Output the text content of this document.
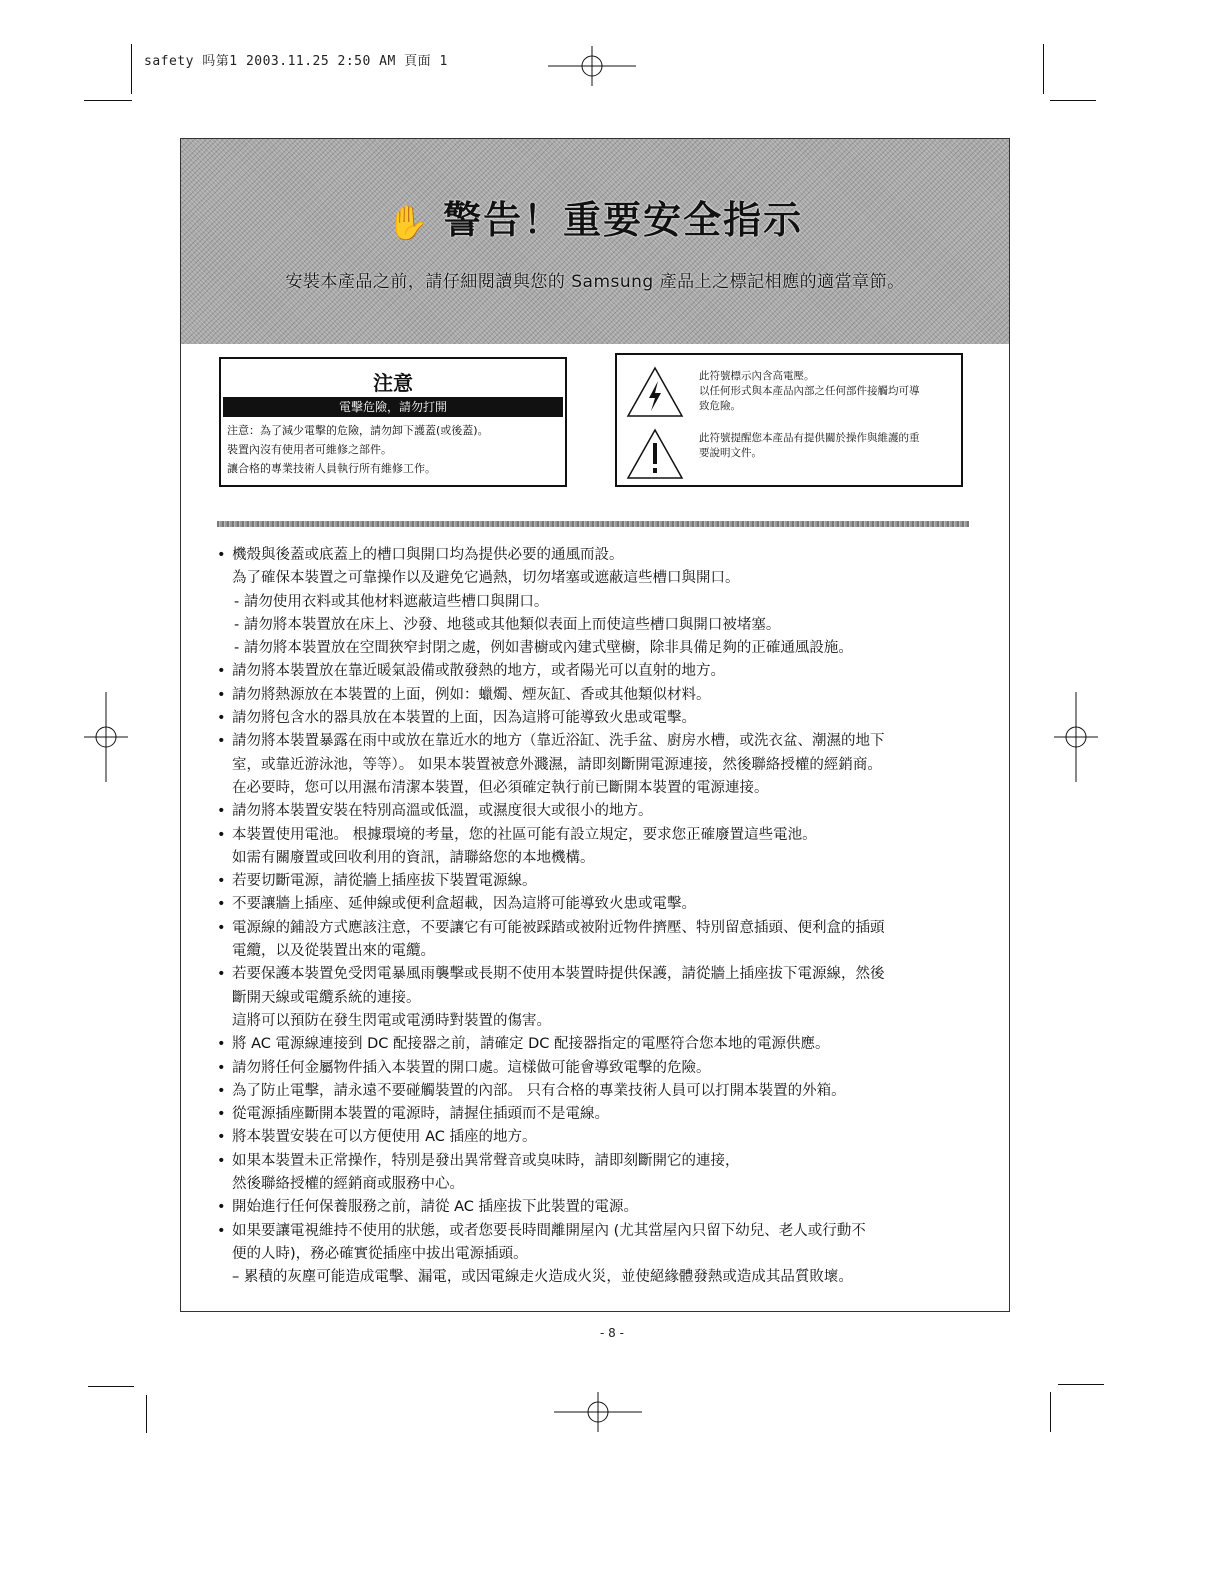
safety 吗第1 2003.11.25 2:50 AM 頁面 1
✋ 警告！重要安全指示
安裝本產品之前，請仔細閱讀與您的 Samsung 產品上之標記相應的適當章節。
注意
電擊危險，請勿打開
注意：為了減少電擊的危險，請勿卸下護蓋(或後蓋)。
裝置內沒有使用者可維修之部件。
讓合格的專業技術人員執行所有維修工作。
此符號標示內含高電壓。
以任何形式與本產品內部之任何部件接觸均可導
致危險。
此符號提醒您本產品有提供關於操作與維護的重
要說明文件。
• 機殼與後蓋或底蓋上的槽口與開口均為提供必要的通風而設。
為了確保本裝置之可靠操作以及避免它過熱，切勿堵塞或遮蔽這些槽口與開口。
- 請勿使用衣料或其他材料遮蔽這些槽口與開口。
- 請勿將本裝置放在床上、沙發、地毯或其他類似表面上而使這些槽口與開口被堵塞。
- 請勿將本裝置放在空間狹窄封閉之處，例如書櫥或內建式壁櫥，除非具備足夠的正確通風設施。
• 請勿將本裝置放在靠近暖氣設備或散發熱的地方，或者陽光可以直射的地方。
• 請勿將熱源放在本裝置的上面，例如：蠟燭、煙灰缸、香或其他類似材料。
• 請勿將包含水的器具放在本裝置的上面，因為這將可能導致火患或電擊。
• 請勿將本裝置暴露在雨中或放在靠近水的地方（靠近浴缸、洗手盆、廚房水槽，或洗衣盆、潮濕的地下
室，或靠近游泳池，等等）。 如果本裝置被意外濺濕，請即刻斷開電源連接，然後聯絡授權的經銷商。
在必要時，您可以用濕布清潔本裝置，但必須確定執行前已斷開本裝置的電源連接。
• 請勿將本裝置安裝在特別高溫或低溫，或濕度很大或很小的地方。
• 本裝置使用電池。 根據環境的考量，您的社區可能有設立規定，要求您正確廢置這些電池。
如需有關廢置或回收利用的資訊，請聯絡您的本地機構。
• 若要切斷電源，請從牆上插座拔下裝置電源線。
• 不要讓牆上插座、延伸線或便利盒超載，因為這將可能導致火患或電擊。
• 電源線的鋪設方式應該注意，不要讓它有可能被踩踏或被附近物件擠壓、特別留意插頭、便利盒的插頭
電纜，以及從裝置出來的電纜。
• 若要保護本裝置免受閃電暴風雨襲擊或長期不使用本裝置時提供保護，請從牆上插座拔下電源線，然後
斷開天線或電纜系統的連接。
這將可以預防在發生閃電或電湧時對裝置的傷害。
• 將 AC 電源線連接到 DC 配接器之前，請確定 DC 配接器指定的電壓符合您本地的電源供應。
• 請勿將任何金屬物件插入本裝置的開口處。這樣做可能會導致電擊的危險。
• 為了防止電擊，請永遠不要碰觸裝置的內部。 只有合格的專業技術人員可以打開本裝置的外箱。
• 從電源插座斷開本裝置的電源時，請握住插頭而不是電線。
• 將本裝置安裝在可以方便使用 AC 插座的地方。
• 如果本裝置未正常操作，特別是發出異常聲音或臭味時，請即刻斷開它的連接，
然後聯絡授權的經銷商或服務中心。
• 開始進行任何保養服務之前，請從 AC 插座拔下此裝置的電源。
• 如果要讓電視維持不使用的狀態，或者您要長時間離開屋內 (尤其當屋內只留下幼兒、老人或行動不
便的人時)，務必確實從插座中拔出電源插頭。
– 累積的灰塵可能造成電擊、漏電，或因電線走火造成火災，並使絕緣體發熱或造成其品質敗壞。
- 8 -
